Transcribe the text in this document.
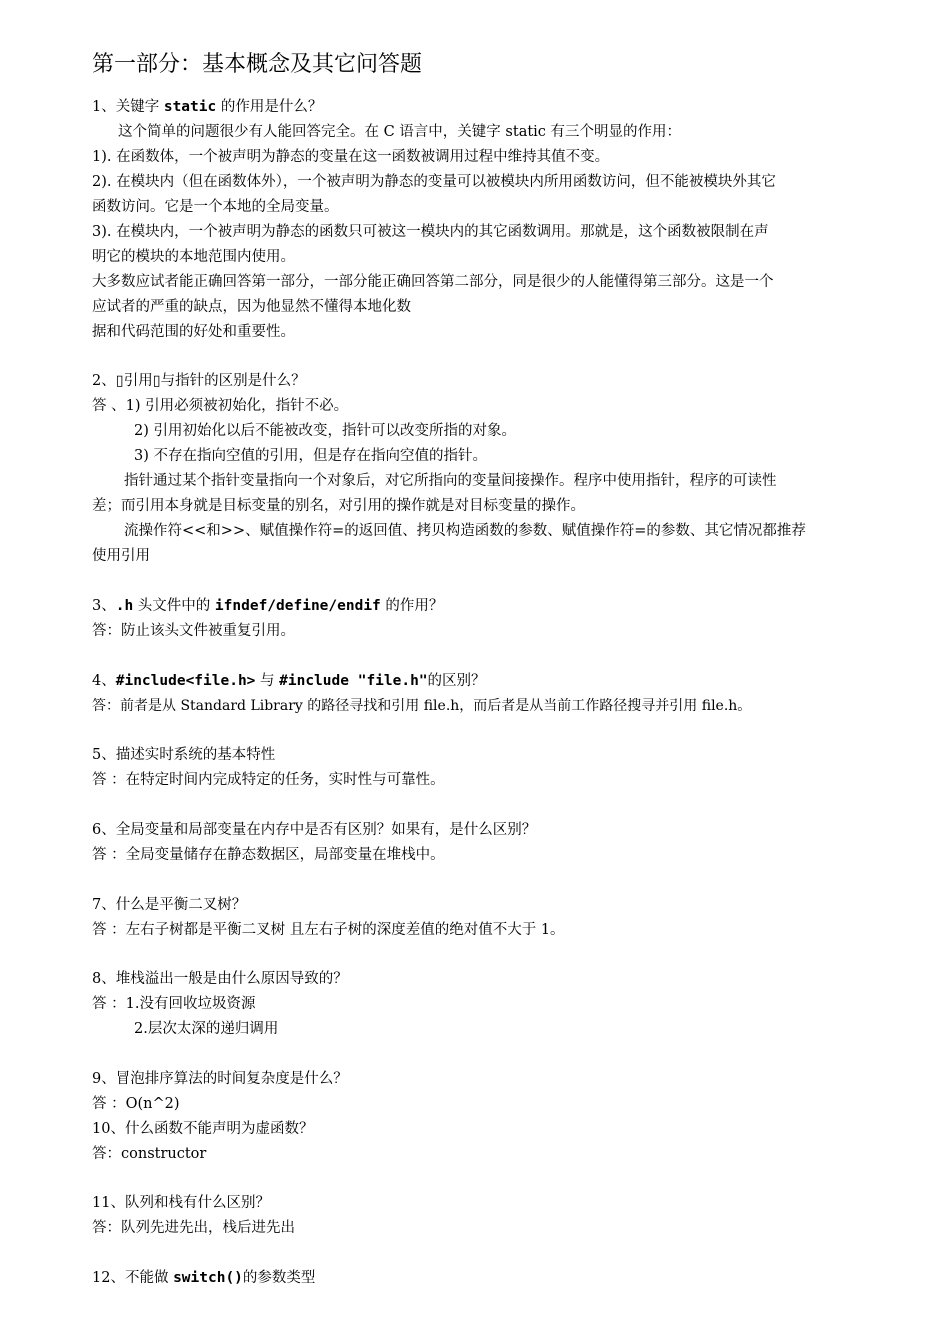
第一部分：基本概念及其它问答题
1、关键字 static 的作用是什么？
这个简单的问题很少有人能回答完全。在 C 语言中，关键字 static 有三个明显的作用：
1). 在函数体，一个被声明为静态的变量在这一函数被调用过程中维持其值不变。
2). 在模块内（但在函数体外），一个被声明为静态的变量可以被模块内所用函数访问，但不能被模块外其它
函数访问。它是一个本地的全局变量。
3). 在模块内，一个被声明为静态的函数只可被这一模块内的其它函数调用。那就是，这个函数被限制在声
明它的模块的本地范围内使用。
大多数应试者能正确回答第一部分，一部分能正确回答第二部分，同是很少的人能懂得第三部分。这是一个
应试者的严重的缺点，因为他显然不懂得本地化数
据和代码范围的好处和重要性。
2、▯引用▯与指针的区别是什么？
答 、1) 引用必须被初始化，指针不必。
2) 引用初始化以后不能被改变，指针可以改变所指的对象。
3) 不存在指向空值的引用，但是存在指向空值的指针。
指针通过某个指针变量指向一个对象后，对它所指向的变量间接操作。程序中使用指针，程序的可读性
差；而引用本身就是目标变量的别名，对引用的操作就是对目标变量的操作。
流操作符<<和>>、赋值操作符=的返回值、拷贝构造函数的参数、赋值操作符=的参数、其它情况都推荐
使用引用
3、.h 头文件中的 ifndef/define/endif 的作用？
答：防止该头文件被重复引用。
4、#include<file.h> 与 #include "file.h"的区别？
答：前者是从 Standard Library 的路径寻找和引用 file.h，而后者是从当前工作路径搜寻并引用 file.h。
5、描述实时系统的基本特性
答 ：在特定时间内完成特定的任务，实时性与可靠性。
6、全局变量和局部变量在内存中是否有区别？如果有，是什么区别？
答 ：全局变量储存在静态数据区，局部变量在堆栈中。
7、什么是平衡二叉树？
答 ：左右子树都是平衡二叉树 且左右子树的深度差值的绝对值不大于 1。
8、堆栈溢出一般是由什么原因导致的？
答 ：1.没有回收垃圾资源
2.层次太深的递归调用
9、冒泡排序算法的时间复杂度是什么？
答 ：O(n^2)
10、什么函数不能声明为虚函数？
答：constructor
11、队列和栈有什么区别？
答：队列先进先出，栈后进先出
12、不能做 switch()的参数类型
